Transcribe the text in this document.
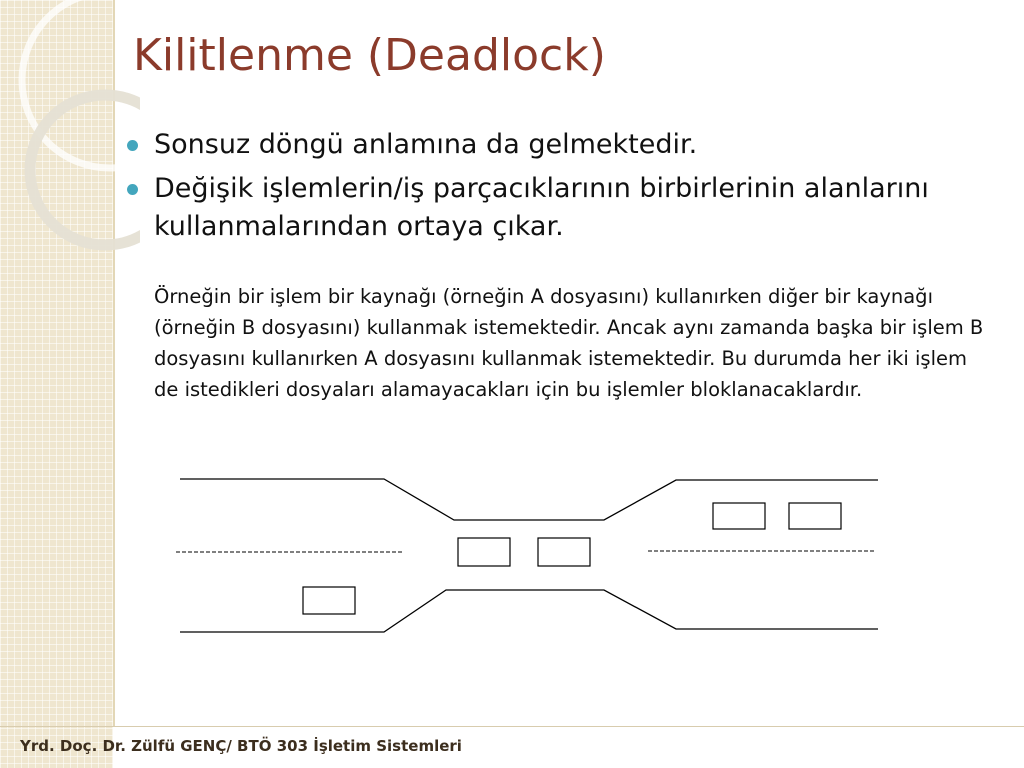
Kilitlenme (Deadlock)
Sonsuz döngü anlamına da gelmektedir.
Değişik işlemlerin/iş parçacıklarının birbirlerinin alanlarını kullanmalarından ortaya çıkar.

Örneğin bir işlem bir kaynağı (örneğin A dosyasını) kullanırken diğer bir kaynağı (örneğin B dosyasını) kullanmak istemektedir. Ancak aynı zamanda başka bir işlem B dosyasını kullanırken A dosyasını kullanmak istemektedir. Bu durumda her iki işlem de istedikleri dosyaları alamayacakları için bu işlemler bloklanacaklardır.

Yrd. Doç. Dr. Zülfü GENÇ/ BTÖ 303 İşletim Sistemleri
